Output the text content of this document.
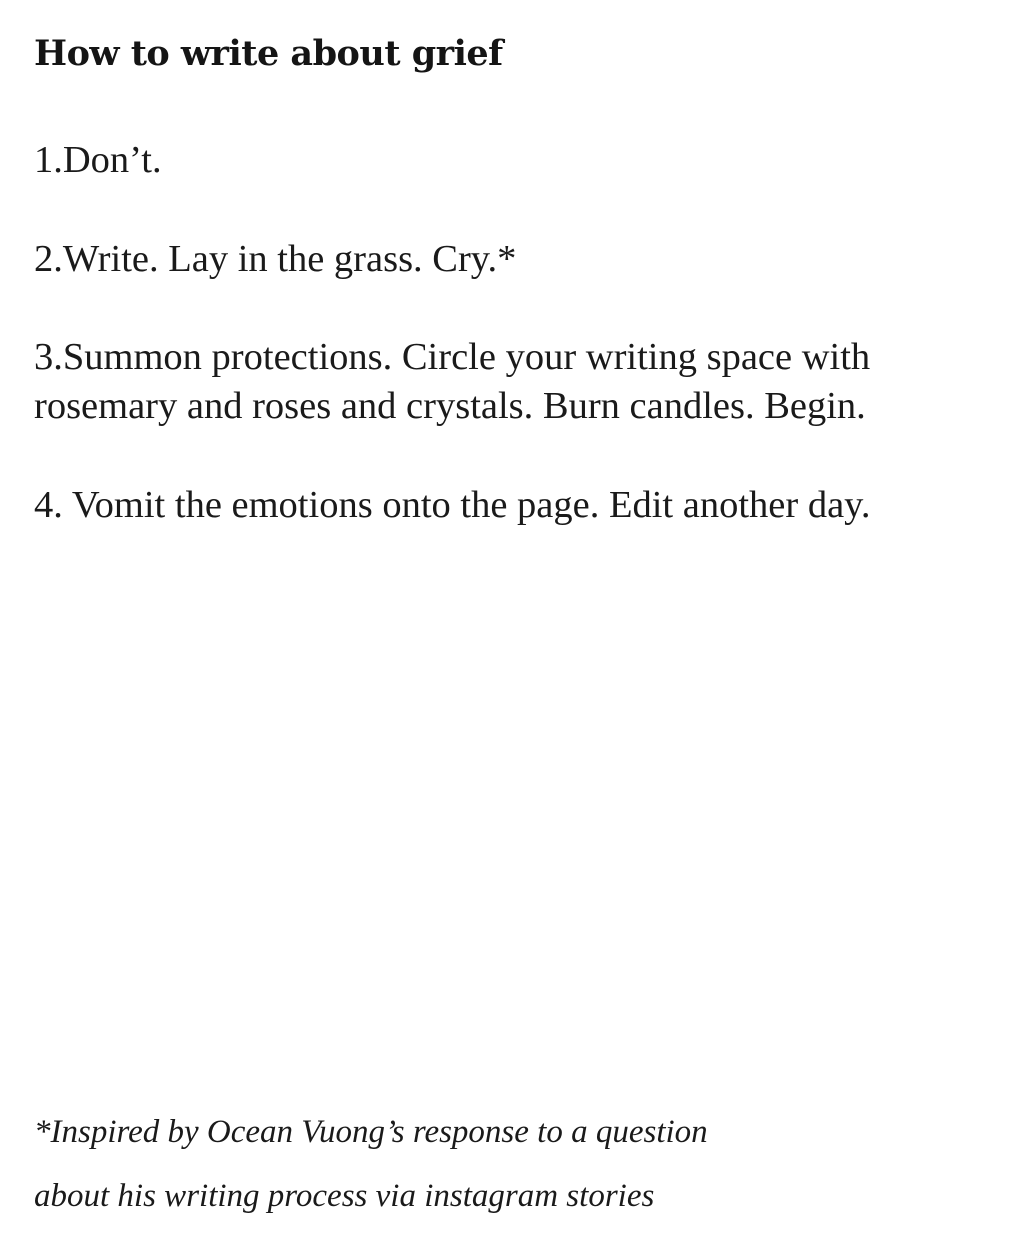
How to write about grief
1.Don’t.
2.Write. Lay in the grass. Cry.*
3.Summon protections. Circle your writing space with rosemary and roses and crystals. Burn candles. Begin.
4. Vomit the emotions onto the page. Edit another day.

*Inspired by Ocean Vuong’s response to a question
about his writing process via instagram stories
